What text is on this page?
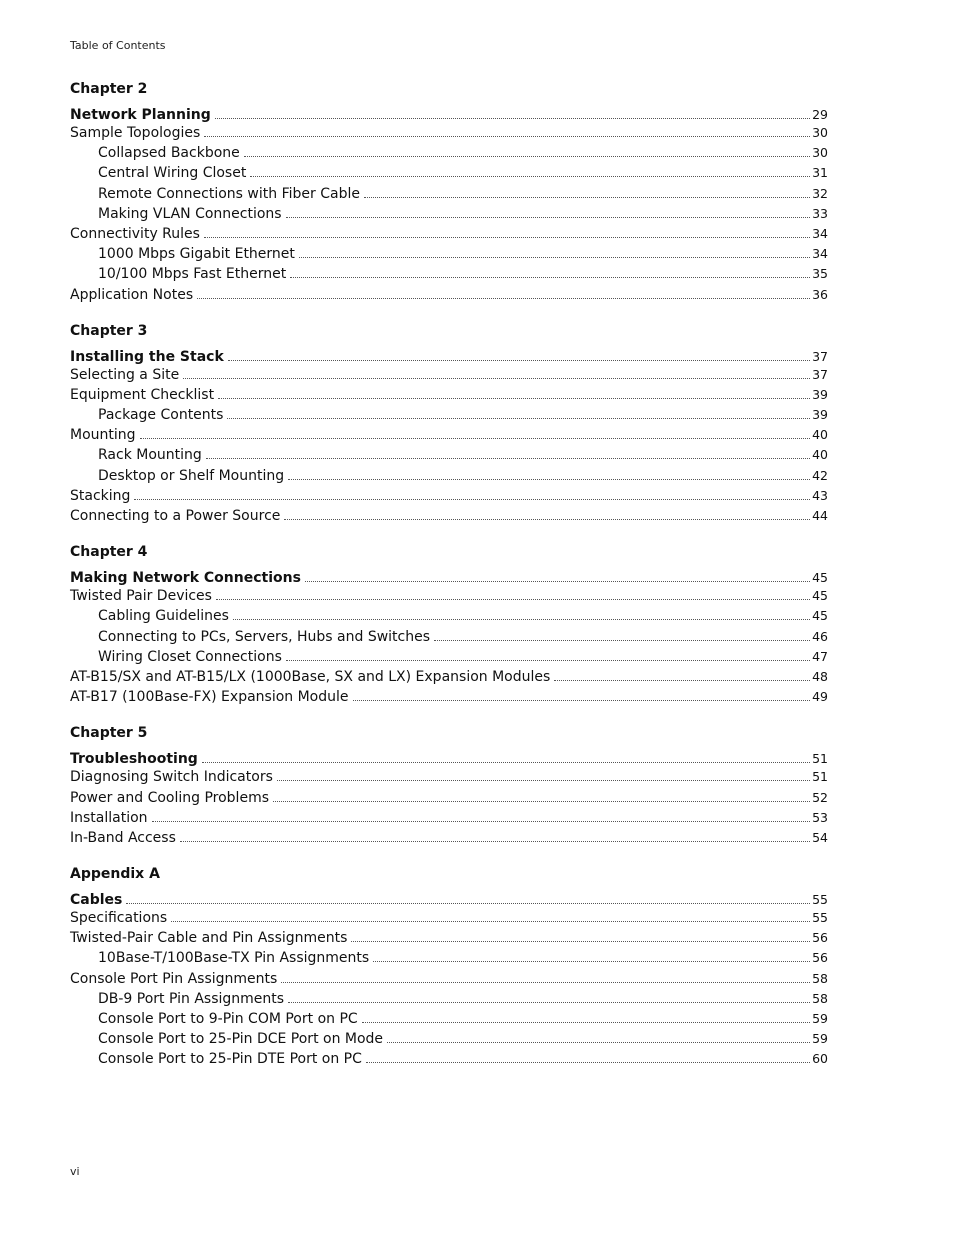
Table of Contents
Chapter 2
Network Planning	29
Sample Topologies	30
Collapsed Backbone	30
Central Wiring Closet	31
Remote Connections with Fiber Cable	32
Making VLAN Connections	33
Connectivity Rules	34
1000 Mbps Gigabit Ethernet	34
10/100 Mbps Fast Ethernet	35
Application Notes	36
Chapter 3
Installing the Stack	37
Selecting a Site	37
Equipment Checklist	39
Package Contents	39
Mounting	40
Rack Mounting	40
Desktop or Shelf Mounting	42
Stacking	43
Connecting to a Power Source	44
Chapter 4
Making Network Connections	45
Twisted Pair Devices	45
Cabling Guidelines	45
Connecting to PCs, Servers, Hubs and Switches	46
Wiring Closet Connections	47
AT-B15/SX and AT-B15/LX (1000Base, SX and LX) Expansion Modules	48
AT-B17 (100Base-FX) Expansion Module	49
Chapter 5
Troubleshooting	51
Diagnosing Switch Indicators	51
Power and Cooling Problems	52
Installation	53
In-Band Access	54
Appendix A
Cables	55
Specifications	55
Twisted-Pair Cable and Pin Assignments	56
10Base-T/100Base-TX Pin Assignments	56
Console Port Pin Assignments	58
DB-9 Port Pin Assignments	58
Console Port to 9-Pin COM Port on PC	59
Console Port to 25-Pin DCE Port on Mode	59
Console Port to 25-Pin DTE Port on PC	60
vi
